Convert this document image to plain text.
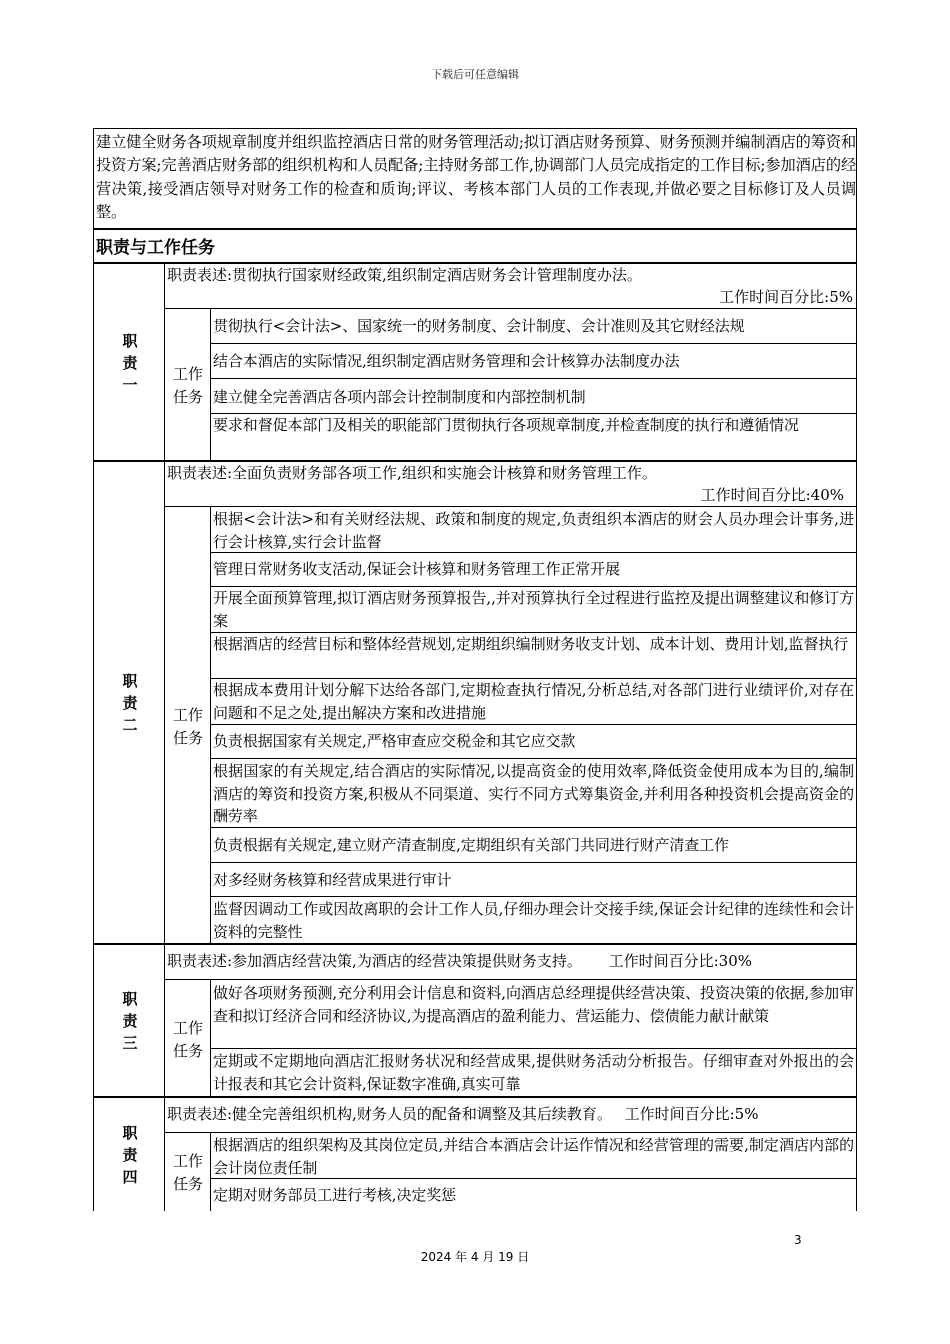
下载后可任意编辑
建立健全财务各项规章制度并组织监控酒店日常的财务管理活动;拟订酒店财务预算、财务预测并编制酒店的筹资和投资方案;完善酒店财务部的组织机构和人员配备;主持财务部工作,协调部门人员完成指定的工作目标;参加酒店的经营决策,接受酒店领导对财务工作的检查和质询;评议、考核本部门人员的工作表现,并做必要之目标修订及人员调整。
职责与工作任务
职责一
职责表述:贯彻执行国家财经政策,组织制定酒店财务会计管理制度办法。
工作时间百分比:5%
工作任务
贯彻执行<会计法>、国家统一的财务制度、会计制度、会计准则及其它财经法规
结合本酒店的实际情况,组织制定酒店财务管理和会计核算办法制度办法
建立健全完善酒店各项内部会计控制制度和内部控制机制
要求和督促本部门及相关的职能部门贯彻执行各项规章制度,并检查制度的执行和遵循情况
职责二
职责表述:全面负责财务部各项工作,组织和实施会计核算和财务管理工作。
工作时间百分比:40%
工作任务
根据<会计法>和有关财经法规、政策和制度的规定,负责组织本酒店的财会人员办理会计事务,进行会计核算,实行会计监督
管理日常财务收支活动,保证会计核算和财务管理工作正常开展
开展全面预算管理,拟订酒店财务预算报告,,并对预算执行全过程进行监控及提出调整建议和修订方案
根据酒店的经营目标和整体经营规划,定期组织编制财务收支计划、成本计划、费用计划,监督执行
根据成本费用计划分解下达给各部门,定期检查执行情况,分析总结,对各部门进行业绩评价,对存在问题和不足之处,提出解决方案和改进措施
负责根据国家有关规定,严格审查应交税金和其它应交款
根据国家的有关规定,结合酒店的实际情况,以提高资金的使用效率,降低资金使用成本为目的,编制酒店的筹资和投资方案,积极从不同渠道、实行不同方式筹集资金,并利用各种投资机会提高资金的酬劳率
负责根据有关规定,建立财产清查制度,定期组织有关部门共同进行财产清查工作
对多经财务核算和经营成果进行审计
监督因调动工作或因故离职的会计工作人员,仔细办理会计交接手续,保证会计纪律的连续性和会计资料的完整性
职责三
职责表述:参加酒店经营决策,为酒店的经营决策提供财务支持。 工作时间百分比:30%
工作任务
做好各项财务预测,充分利用会计信息和资料,向酒店总经理提供经营决策、投资决策的依据,参加审查和拟订经济合同和经济协议,为提高酒店的盈利能力、营运能力、偿债能力献计献策
定期或不定期地向酒店汇报财务状况和经营成果,提供财务活动分析报告。仔细审查对外报出的会计报表和其它会计资料,保证数字准确,真实可靠
职责四
职责表述:健全完善组织机构,财务人员的配备和调整及其后续教育。 工作时间百分比:5%
工作任务
根据酒店的组织架构及其岗位定员,并结合本酒店会计运作情况和经营管理的需要,制定酒店内部的会计岗位责任制
定期对财务部员工进行考核,决定奖惩
3
2024 年 4 月 19 日
